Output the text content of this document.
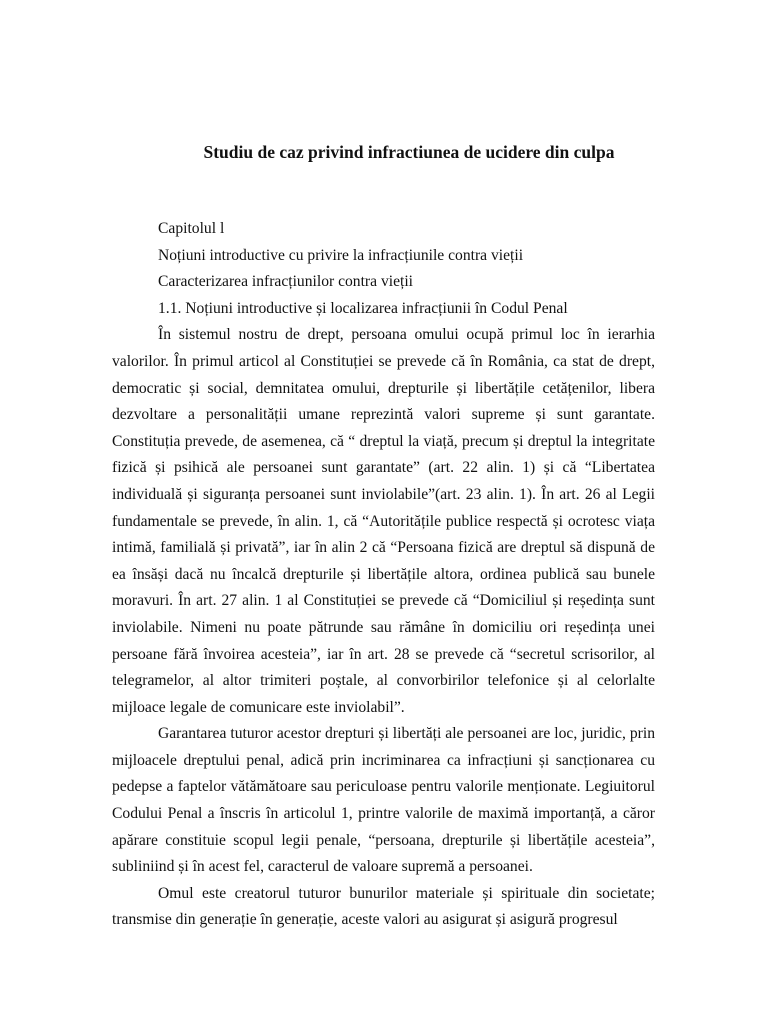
Studiu de caz privind infractiunea de ucidere din culpa

Capitolul l

Noțiuni introductive cu privire la infracțiunile contra vieții

Caracterizarea infracțiunilor contra vieții

1.1. Noțiuni introductive și localizarea infracțiunii în Codul Penal

În sistemul nostru de drept, persoana omului ocupă primul loc în ierarhia valorilor. În primul articol al Constituției se prevede că în România, ca stat de drept, democratic și social, demnitatea omului, drepturile și libertățile cetățenilor, libera dezvoltare a personalității umane reprezintă valori supreme și sunt garantate. Constituția prevede, de asemenea, că “ dreptul la viață, precum și dreptul la integritate fizică și psihică ale persoanei sunt garantate” (art. 22 alin. 1) și că “Libertatea individuală și siguranța persoanei sunt inviolabile”(art. 23 alin. 1). În art. 26 al Legii fundamentale se prevede, în alin. 1, că “Autoritățile publice respectă și ocrotesc viața intimă, familială și privată”, iar în alin 2 că “Persoana fizică are dreptul să dispună de ea însăși dacă nu încalcă drepturile și libertățile altora, ordinea publică sau bunele moravuri. În art. 27 alin. 1 al Constituției se prevede că “Domiciliul și reședința sunt inviolabile. Nimeni nu poate pătrunde sau rămâne în domiciliu ori reședința unei persoane fără învoirea acesteia”, iar în art. 28 se prevede că “secretul scrisorilor, al telegramelor, al altor trimiteri poștale, al convorbirilor telefonice și al celorlalte mijloace legale de comunicare este inviolabil”.

Garantarea tuturor acestor drepturi și libertăți ale persoanei are loc, juridic, prin mijloacele dreptului penal, adică prin incriminarea ca infracțiuni și sancționarea cu pedepse a faptelor vătămătoare sau periculoase pentru valorile menționate. Legiuitorul Codului Penal a înscris în articolul 1, printre valorile de maximă importanță, a căror apărare constituie scopul legii penale, “persoana, drepturile și libertățile acesteia”, subliniind și în acest fel, caracterul de valoare supremă a persoanei.

Omul este creatorul tuturor bunurilor materiale și spirituale din societate; transmise din generație în generație, aceste valori au asigurat și asigură progresul
